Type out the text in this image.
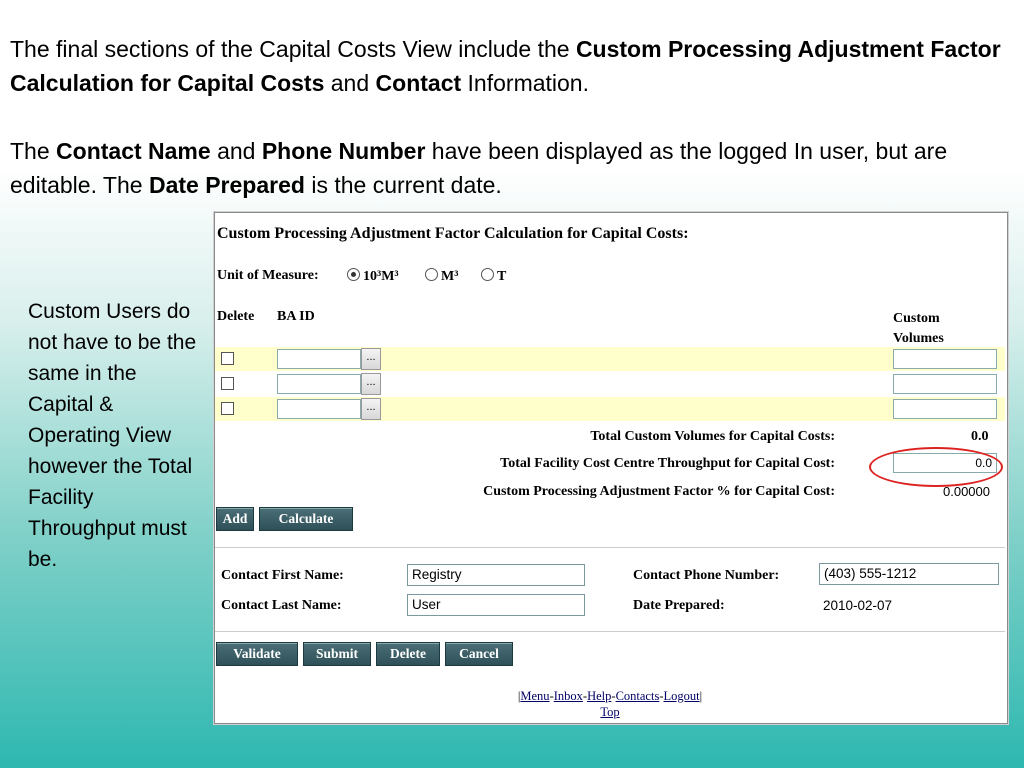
The final sections of the Capital Costs View include the Custom Processing Adjustment Factor Calculation for Capital Costs and Contact Information.

The Contact Name and Phone Number have been displayed as the logged In user, but are editable. The Date Prepared is the current date.

Custom Users do not have to be the same in the Capital & Operating View however the Total Facility Throughput must be.
Custom Processing Adjustment Factor Calculation for Capital Costs:
Unit of Measure:	10³M³	M³	T
Delete BA ID	Custom Volumes
...
...
...
Total Custom Volumes for Capital Costs:	0.0
Total Facility Cost Centre Throughput for Capital Cost:	0.0
Custom Processing Adjustment Factor % for Capital Cost:	0.00000
Add	Calculate
Contact First Name:	Registry	Contact Phone Number:	(403) 555-1212
Contact Last Name:	User	Date Prepared:	2010-02-07
Validate	Submit	Delete	Cancel
|Menu-Inbox-Help-Contacts-Logout|
Top
